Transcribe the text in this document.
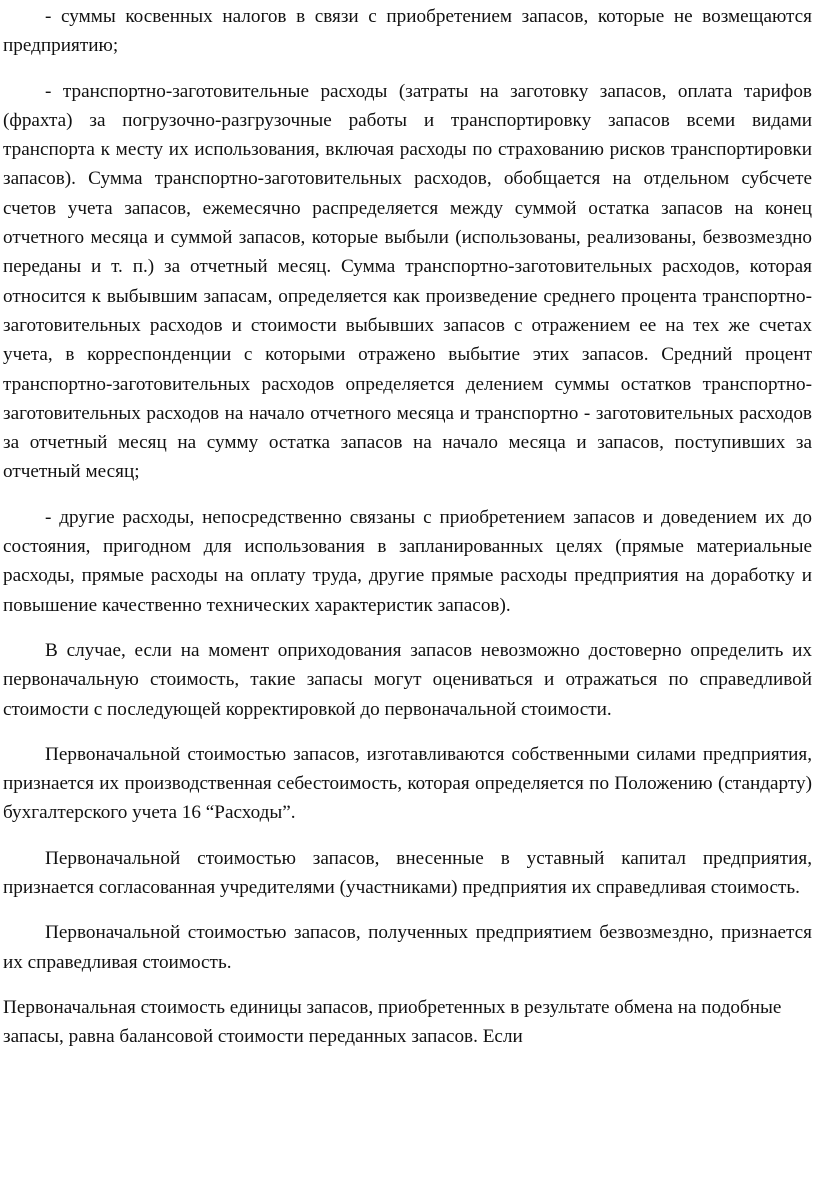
- суммы косвенных налогов в связи с приобретением запасов, которые не возмещаются предприятию;

- транспортно-заготовительные расходы (затраты на заготовку запасов, оплата тарифов (фрахта) за погрузочно-разгрузочные работы и транспортировку запасов всеми видами транспорта к месту их использования, включая расходы по страхованию рисков транспортировки запасов). Сумма транспортно-заготовительных расходов, обобщается на отдельном субсчете счетов учета запасов, ежемесячно распределяется между суммой остатка запасов на конец отчетного месяца и суммой запасов, которые выбыли (использованы, реализованы, безвозмездно переданы и т. п.) за отчетный месяц. Сумма транспортно-заготовительных расходов, которая относится к выбывшим запасам, определяется как произведение среднего процента транспортно-заготовительных расходов и стоимости выбывших запасов с отражением ее на тех же счетах учета, в корреспонденции с которыми отражено выбытие этих запасов. Средний процент транспортно-заготовительных расходов определяется делением суммы остатков транспортно-заготовительных расходов на начало отчетного месяца и транспортно - заготовительных расходов за отчетный месяц на сумму остатка запасов на начало месяца и запасов, поступивших за отчетный месяц;

- другие расходы, непосредственно связаны с приобретением запасов и доведением их до состояния, пригодном для использования в запланированных целях (прямые материальные расходы, прямые расходы на оплату труда, другие прямые расходы предприятия на доработку и повышение качественно технических характеристик запасов).

В случае, если на момент оприходования запасов невозможно достоверно определить их первоначальную стоимость, такие запасы могут оцениваться и отражаться по справедливой стоимости с последующей корректировкой до первоначальной стоимости.

Первоначальной стоимостью запасов, изготавливаются собственными силами предприятия, признается их производственная себестоимость, которая определяется по Положению (стандарту) бухгалтерского учета 16 “Расходы”.

Первоначальной стоимостью запасов, внесенные в уставный капитал предприятия, признается согласованная учредителями (участниками) предприятия их справедливая стоимость.

Первоначальной стоимостью запасов, полученных предприятием безвозмездно, признается их справедливая стоимость.

Первоначальная стоимость единицы запасов, приобретенных в результате обмена на подобные запасы, равна балансовой стоимости переданных запасов. Если
